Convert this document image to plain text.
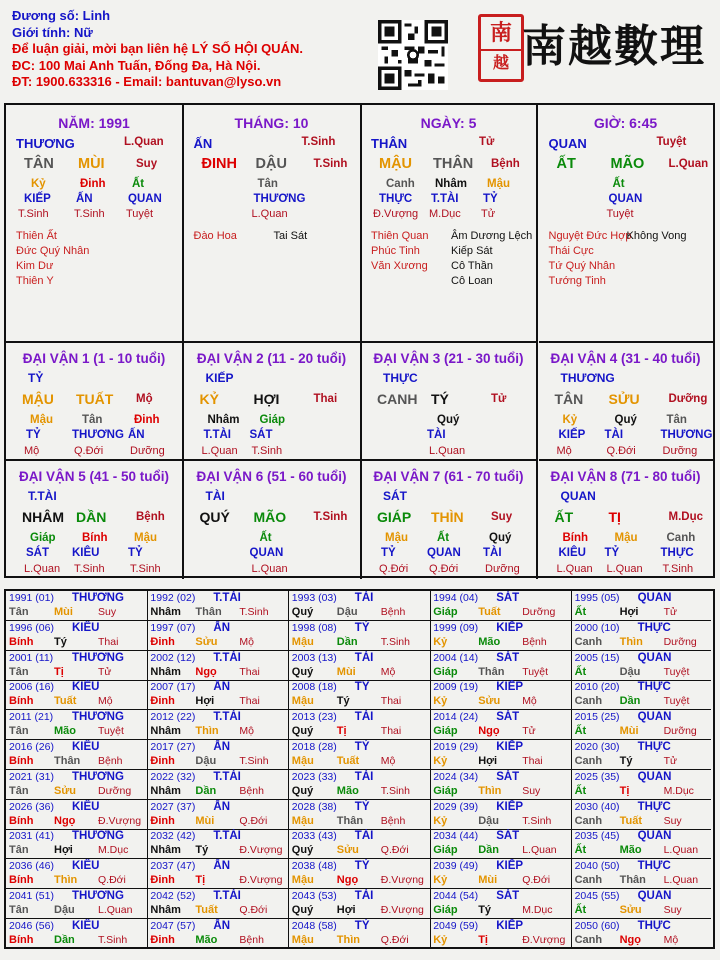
Đương số: Linh
Giới tính: Nữ
Để luận giải, mời bạn liên hệ LÝ SỐ HỘI QUÁN.
ĐC: 100 Mai Anh Tuấn, Đống Đa, Hà Nội.
ĐT: 1900.633316 - Email: bantuvan@lyso.vn
南
越 南越數理
NĂM: 1991
THƯƠNG	L.Quan
TÂN MÙI	Suy
Kỷ	Đinh Ất
KIẾP ẤN	QUAN
T.Sinh T.Sinh Tuyệt
Thiên Ất
Đức Quý Nhân
Kim Dư
Thiên Y
THÁNG: 10
ẤN	T.Sinh
ĐINH DẬU T.Sinh
Tân
THƯƠNG
L.Quan
Đào Hoa	Tai Sát
NGÀY: 5
THÂN	Tử
MẬU THÂN Bệnh
Canh Nhâm Mậu
THỰC T.TÀI TỶ
Đ.Vượng M.Dục Tử
Thiên Quan
Phúc Tinh
Văn Xương
Âm Dương Lệch
Kiếp Sát
Cô Thần
Cô Loan
GIỜ: 6:45
QUAN	Tuyệt
ẤT MÃO L.Quan
Ất
QUAN
Tuyệt
Nguyệt Đức Hợp
Thái Cực
Tứ Quý Nhân
Tướng Tinh
Không Vong
ĐẠI VẬN 1 (1 - 10 tuổi)
TỶ
MẬU TUẤT Mộ
Mậu	Tân	Đinh
TỶ	THƯƠNG ẤN
Mộ	Q.Đới Dưỡng
ĐẠI VẬN 2 (11 - 20 tuổi)
KIẾP
KỶ HỢI	Thai
Nhâm Giáp
T.TÀI SÁT
L.Quan T.Sinh
ĐẠI VẬN 3 (21 - 30 tuổi)
THỰC
CANH TÝ	Tử
Quý
TÀI
L.Quan
ĐẠI VẬN 4 (31 - 40 tuổi)
THƯƠNG
TÂN SỬU	Dưỡng
Kỷ	Quý	Tân
KIẾP TÀI	THƯƠNG
Mộ	Q.Đới Dưỡng
ĐẠI VẬN 5 (41 - 50 tuổi)
T.TÀI
NHÂM DẦN	Bệnh
Giáp Bính Mậu
SÁT KIÊU TỶ
L.Quan T.Sinh T.Sinh
ĐẠI VẬN 6 (51 - 60 tuổi)
TÀI
QUÝ MÃO T.Sinh
Ất
QUAN
L.Quan
ĐẠI VẬN 7 (61 - 70 tuổi)
SÁT
GIÁP THÌN Suy
Mậu	Ất	Quý
TỶ	QUAN TÀI
Q.Đới Q.Đới Dưỡng
ĐẠI VẬN 8 (71 - 80 tuổi)
QUAN
ẤT	TỊ	M.Dục
Bính Mậu	Canh
KIÊU TỶ	THỰC
L.Quan L.Quan T.Sinh
1991 (01) THƯƠNG
Tân Mùi Suy
1992 (02) T.TÀI
Nhâm Thân T.Sinh
1993 (03) TÀI
Quý Dậu Bệnh
1994 (04) SÁT
Giáp Tuất Dưỡng
1995 (05) QUAN
Ất	Hợi Tử
1996 (06) KIÊU
Bính Tý	Thai
1997 (07) ẤN
Đinh Sửu Mộ
1998 (08) TỶ
Mậu Dần T.Sinh
1999 (09) KIẾP
Kỷ	Mão Bệnh
2000 (10) THỰC
Canh Thìn Dưỡng
2001 (11) THƯƠNG
Tân Tị	Tử
2002 (12) T.TÀI
Nhâm Ngọ Thai
2003 (13) TÀI
Quý Mùi Mộ
2004 (14) SÁT
Giáp Thân Tuyệt
2005 (15) QUAN
Ất	Dậu Tuyệt
2006 (16) KIÊU
Bính Tuất Mộ
2007 (17) ẤN
Đinh Hợi Thai
2008 (18) TỶ
Mậu Tý	Thai
2009 (19) KIẾP
Kỷ	Sửu Mộ
2010 (20) THỰC
Canh Dần Tuyệt
2011 (21) THƯƠNG
Tân Mão Tuyệt
2012 (22) T.TÀI
Nhâm Thìn Mộ
2013 (23) TÀI
Quý Tị	Thai
2014 (24) SÁT
Giáp Ngọ Tử
2015 (25) QUAN
Ất	Mùi Dưỡng
2016 (26) KIÊU
Bính Thân Bệnh
2017 (27) ẤN
Đinh Dậu T.Sinh
2018 (28) TỶ
Mậu Tuất Mộ
2019 (29) KIẾP
Kỷ	Hợi Thai
2020 (30) THỰC
Canh Tý	Tử
2021 (31) THƯƠNG
Tân Sửu Dưỡng
2022 (32) T.TÀI
Nhâm Dần Bệnh
2023 (33) TÀI
Quý Mão T.Sinh
2024 (34) SÁT
Giáp Thìn Suy
2025 (35) QUAN
Ất	Tị	M.Dục
2026 (36) KIÊU
Bính Ngọ Đ.Vượng
2027 (37) ẤN
Đinh Mùi Q.Đới
2028 (38) TỶ
Mậu Thân Bệnh
2029 (39) KIẾP
Kỷ	Dậu T.Sinh
2030 (40) THỰC
Canh Tuất Suy
2031 (41) THƯƠNG
Tân Hợi M.Dục
2032 (42) T.TÀI
Nhâm Tý	Đ.Vượng
2033 (43) TÀI
Quý Sửu Q.Đới
2034 (44) SÁT
Giáp Dần L.Quan
2035 (45) QUAN
Ất	Mão L.Quan
2036 (46) KIÊU
Bính Thìn Q.Đới
2037 (47) ẤN
Đinh Tị	Đ.Vượng
2038 (48) TỶ
Mậu Ngọ Đ.Vượng
2039 (49) KIẾP
Kỷ	Mùi Q.Đới
2040 (50) THỰC
Canh Thân L.Quan
2041 (51) THƯƠNG
Tân Dậu L.Quan
2042 (52) T.TÀI
Nhâm Tuất Q.Đới
2043 (53) TÀI
Quý Hợi Đ.Vượng
2044 (54) SÁT
Giáp Tý	M.Dục
2045 (55) QUAN
Ất	Sửu Suy
2046 (56) KIÊU
Bính Dần T.Sinh
2047 (57) ẤN
Đinh Mão Bệnh
2048 (58) TỶ
Mậu Thìn Q.Đới
2049 (59) KIẾP
Kỷ	Tị	Đ.Vượng
2050 (60) THỰC
Canh Ngọ Mộ
